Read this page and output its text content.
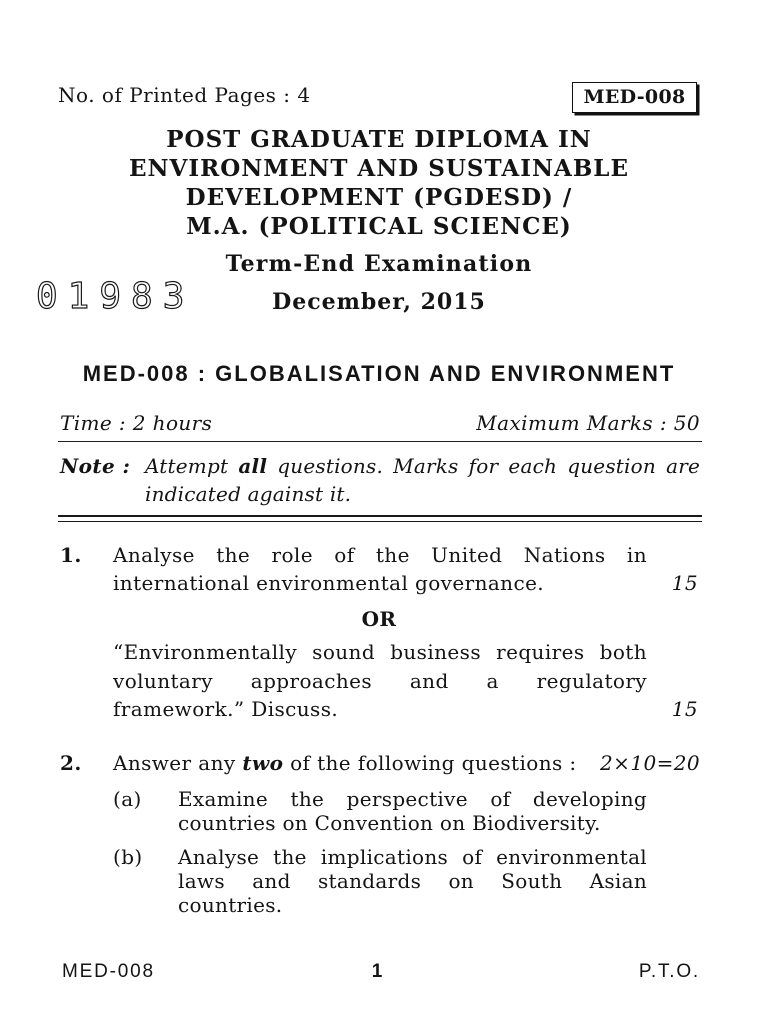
No. of Printed Pages : 4	MED-008
POST GRADUATE DIPLOMA IN
ENVIRONMENT AND SUSTAINABLE
DEVELOPMENT (PGDESD) /
M.A. (POLITICAL SCIENCE)
Term-End Examination
01983	December, 2015
MED-008 : GLOBALISATION AND ENVIRONMENT
Time : 2 hours	Maximum Marks : 50
Note : Attempt all questions. Marks for each question are
indicated against it.
1. Analyse the role of the United Nations in
international environmental governance.	15
OR
“Environmentally sound business requires both
voluntary approaches and a regulatory
framework.” Discuss.	15
2. Answer any two of the following questions : 2×10=20
(a) Examine the perspective of developing
countries on Convention on Biodiversity.
(b) Analyse the implications of environmental
laws and standards on South Asian
countries.
MED-008	1	P.T.O.
